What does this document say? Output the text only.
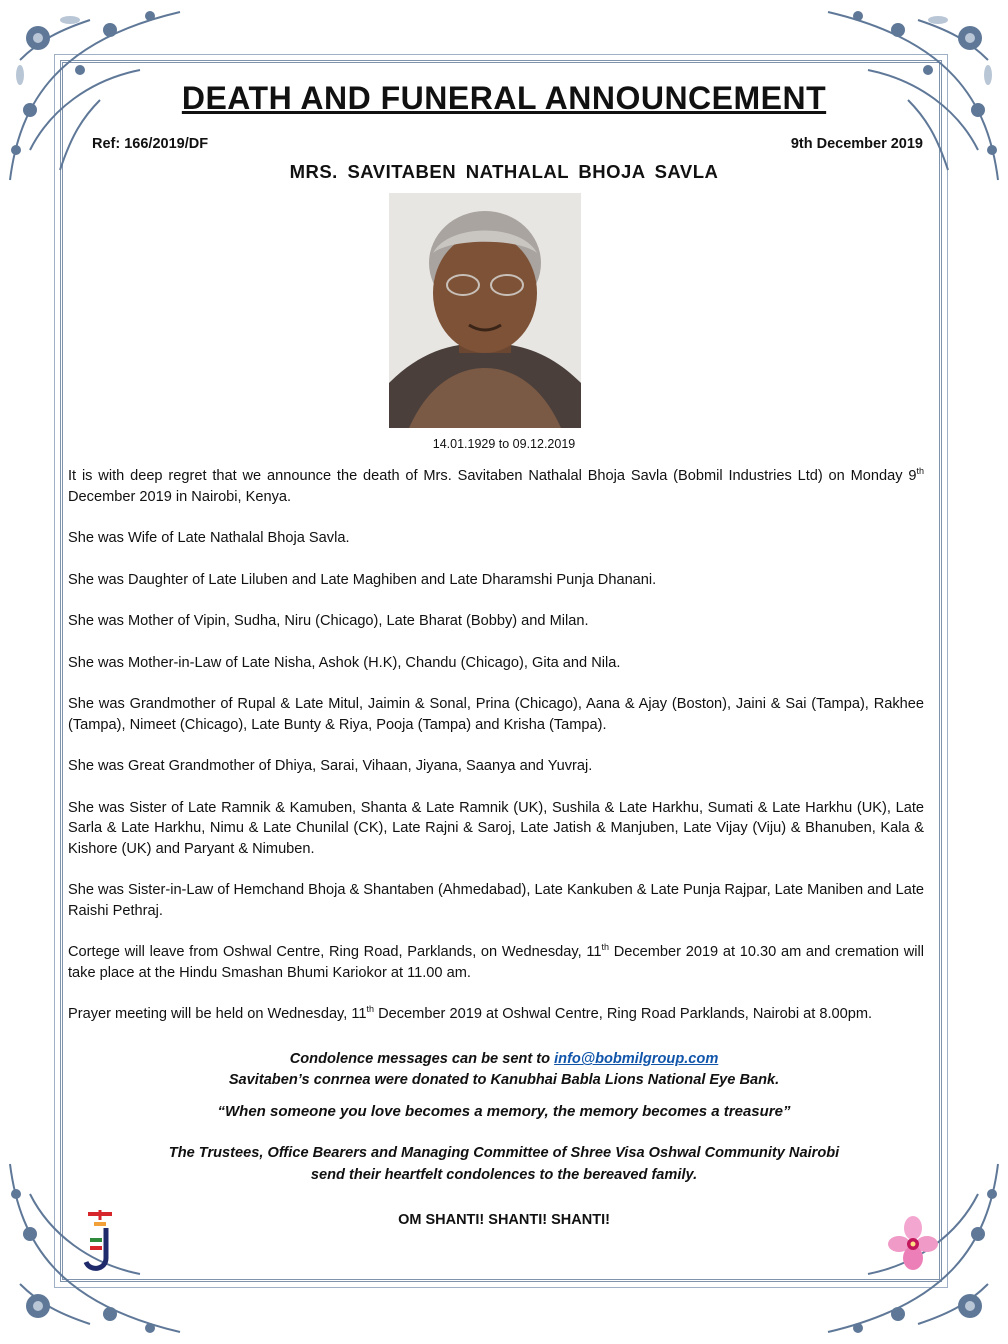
DEATH AND FUNERAL ANNOUNCEMENT
Ref: 166/2019/DF	9th December 2019
MRS. SAVITABEN NATHALAL BHOJA SAVLA
14.01.1929 to 09.12.2019

It is with deep regret that we announce the death of Mrs. Savitaben Nathalal Bhoja Savla (Bobmil Industries Ltd) on Monday 9th December 2019 in Nairobi, Kenya.

She was Wife of Late Nathalal Bhoja Savla.

She was Daughter of Late Liluben and Late Maghiben and Late Dharamshi Punja Dhanani.

She was Mother of Vipin, Sudha, Niru (Chicago), Late Bharat (Bobby) and Milan.

She was Mother-in-Law of Late Nisha, Ashok (H.K), Chandu (Chicago), Gita and Nila.

She was Grandmother of Rupal & Late Mitul, Jaimin & Sonal, Prina (Chicago), Aana & Ajay (Boston), Jaini & Sai (Tampa), Rakhee (Tampa), Nimeet (Chicago), Late Bunty & Riya, Pooja (Tampa) and Krisha (Tampa).

She was Great Grandmother of Dhiya, Sarai, Vihaan, Jiyana, Saanya and Yuvraj.

She was Sister of Late Ramnik & Kamuben, Shanta & Late Ramnik (UK), Sushila & Late Harkhu, Sumati & Late Harkhu (UK), Late Sarla & Late Harkhu, Nimu & Late Chunilal (CK), Late Rajni & Saroj, Late Jatish & Manjuben, Late Vijay (Viju) & Bhanuben, Kala & Kishore (UK) and Paryant & Nimuben.

She was Sister-in-Law of Hemchand Bhoja & Shantaben (Ahmedabad), Late Kankuben & Late Punja Rajpar, Late Maniben and Late Raishi Pethraj.

Cortege will leave from Oshwal Centre, Ring Road, Parklands, on Wednesday, 11th December 2019 at 10.30 am and cremation will take place at the Hindu Smashan Bhumi Kariokor at 11.00 am.

Prayer meeting will be held on Wednesday, 11th December 2019 at Oshwal Centre, Ring Road Parklands, Nairobi at 8.00pm.

Condolence messages can be sent to info@bobmilgroup.com
Savitaben’s conrnea were donated to Kanubhai Babla Lions National Eye Bank.
“When someone you love becomes a memory, the memory becomes a treasure”
The Trustees, Office Bearers and Managing Committee of Shree Visa Oshwal Community Nairobi
send their heartfelt condolences to the bereaved family.
OM SHANTI! SHANTI! SHANTI!
